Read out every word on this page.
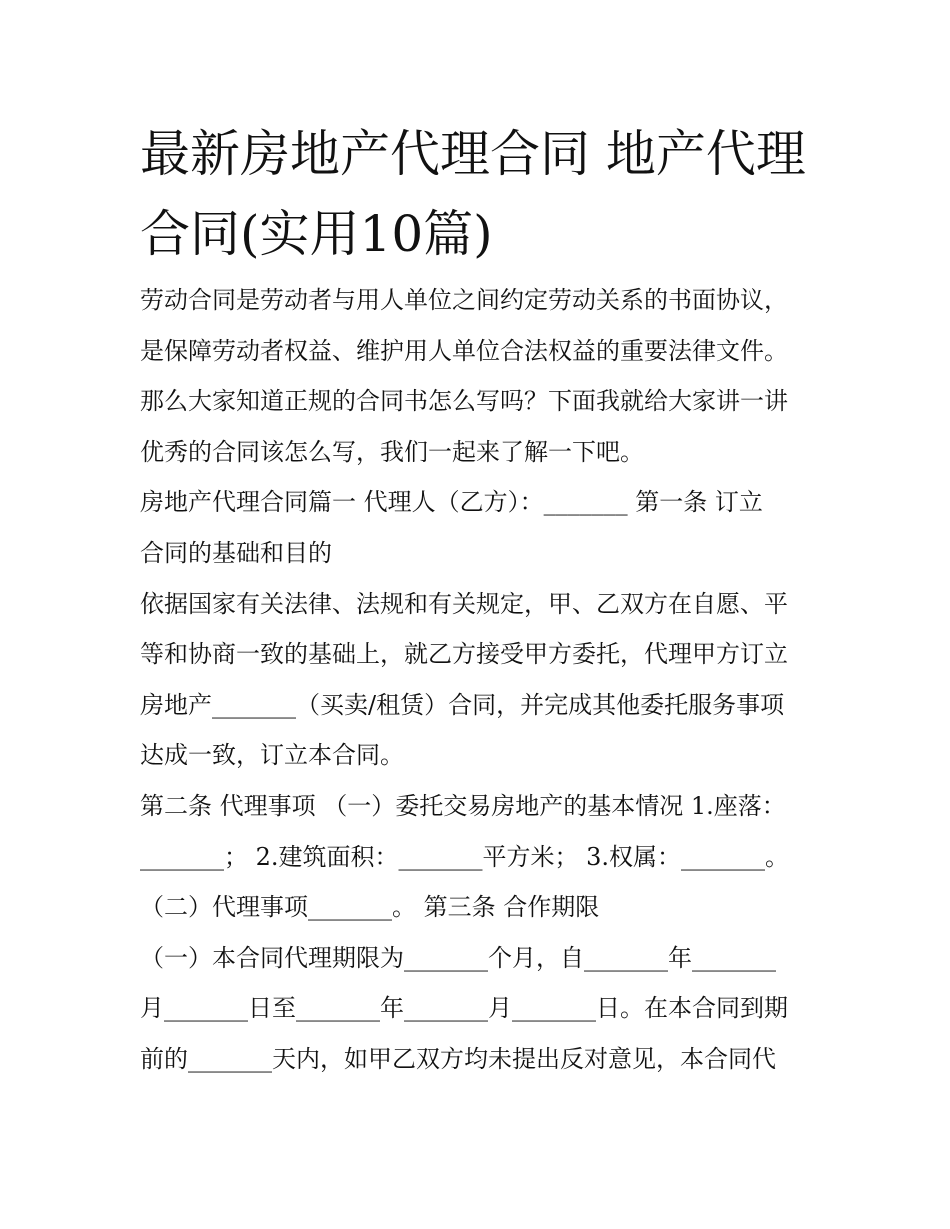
最新房地产代理合同 地产代理
合同(实用10篇)
劳动合同是劳动者与用人单位之间约定劳动关系的书面协议，
是保障劳动者权益、维护用人单位合法权益的重要法律文件。
那么大家知道正规的合同书怎么写吗？下面我就给大家讲一讲
优秀的合同该怎么写，我们一起来了解一下吧。
房地产代理合同篇一 代理人（乙方）：_______ 第一条 订立
合同的基础和目的
依据国家有关法律、法规和有关规定，甲、乙双方在自愿、平
等和协商一致的基础上，就乙方接受甲方委托，代理甲方订立
房地产_______（买卖/租赁）合同，并完成其他委托服务事项
达成一致，订立本合同。
第二条 代理事项 （一）委托交易房地产的基本情况 1.座落：
_______； 2.建筑面积：_______平方米； 3.权属：_______。
（二）代理事项_______。 第三条 合作期限
（一）本合同代理期限为_______个月，自_______年_______
月_______日至_______年_______月_______日。在本合同到期
前的_______天内，如甲乙双方均未提出反对意见，本合同代
